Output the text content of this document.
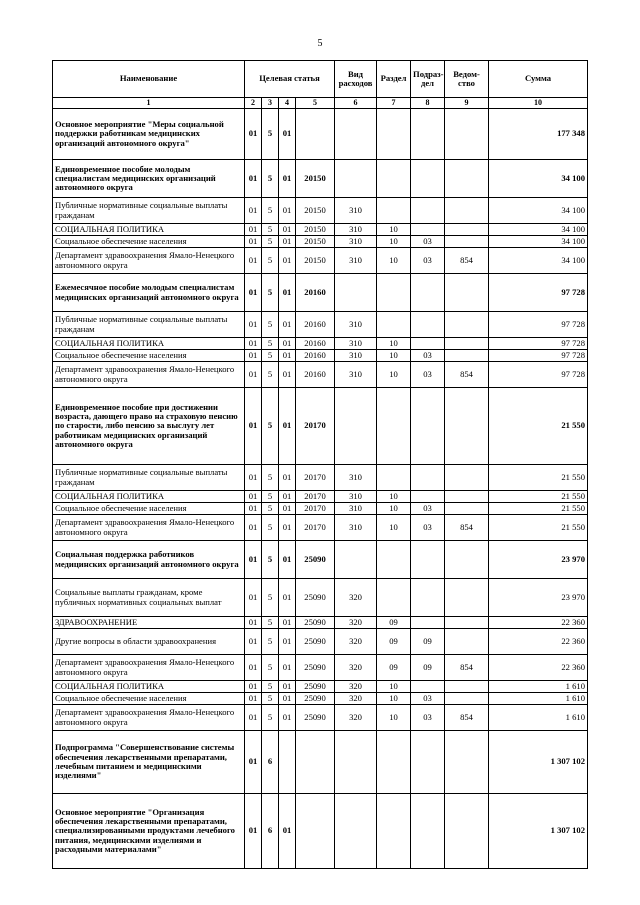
5
Наименование	Целевая статья				Вид расходов	Раздел	Подраз-дел	Ведом-ство	Сумма
1	2	3	4	5	6	7	8	9	10
Основное мероприятие "Меры социальной поддержки работникам медицинских организаций автономного округа"	01	5	01						177 348
Единовременное пособие молодым специалистам медицинских организаций автономного округа	01	5	01	20150					34 100
Публичные нормативные социальные выплаты гражданам	01	5	01	20150	310				34 100
СОЦИАЛЬНАЯ ПОЛИТИКА	01	5	01	20150	310	10			34 100
Социальное обеспечение населения	01	5	01	20150	310	10	03		34 100
Департамент здравоохранения Ямало-Ненецкого автономного округа	01	5	01	20150	310	10	03	854	34 100
Ежемесячное пособие молодым специалистам медицинских организаций автономного округа	01	5	01	20160					97 728
Публичные нормативные социальные выплаты гражданам	01	5	01	20160	310				97 728
СОЦИАЛЬНАЯ ПОЛИТИКА	01	5	01	20160	310	10			97 728
Социальное обеспечение населения	01	5	01	20160	310	10	03		97 728
Департамент здравоохранения Ямало-Ненецкого автономного округа	01	5	01	20160	310	10	03	854	97 728
Единовременное пособие при достижении возраста, дающего право на страховую пенсию по старости, либо пенсию за выслугу лет работникам медицинских организаций автономного округа	01	5	01	20170					21 550
Публичные нормативные социальные выплаты гражданам	01	5	01	20170	310				21 550
СОЦИАЛЬНАЯ ПОЛИТИКА	01	5	01	20170	310	10			21 550
Социальное обеспечение населения	01	5	01	20170	310	10	03		21 550
Департамент здравоохранения Ямало-Ненецкого автономного округа	01	5	01	20170	310	10	03	854	21 550
Социальная поддержка работников медицинских организаций автономного округа	01	5	01	25090					23 970
Социальные выплаты гражданам, кроме публичных нормативных социальных выплат	01	5	01	25090	320				23 970
ЗДРАВООХРАНЕНИЕ	01	5	01	25090	320	09			22 360
Другие вопросы в области здравоохранения	01	5	01	25090	320	09	09		22 360
Департамент здравоохранения Ямало-Ненецкого автономного округа	01	5	01	25090	320	09	09	854	22 360
СОЦИАЛЬНАЯ ПОЛИТИКА	01	5	01	25090	320	10			1 610
Социальное обеспечение населения	01	5	01	25090	320	10	03		1 610
Департамент здравоохранения Ямало-Ненецкого автономного округа	01	5	01	25090	320	10	03	854	1 610
Подпрограмма "Совершенствование системы обеспечения лекарственными препаратами, лечебным питанием и медицинскими изделиями"	01	6							1 307 102
Основное мероприятие "Организация обеспечения лекарственными препаратами, специализированными продуктами лечебного питания, медицинскими изделиями и расходными материалами"	01	6	01						1 307 102
